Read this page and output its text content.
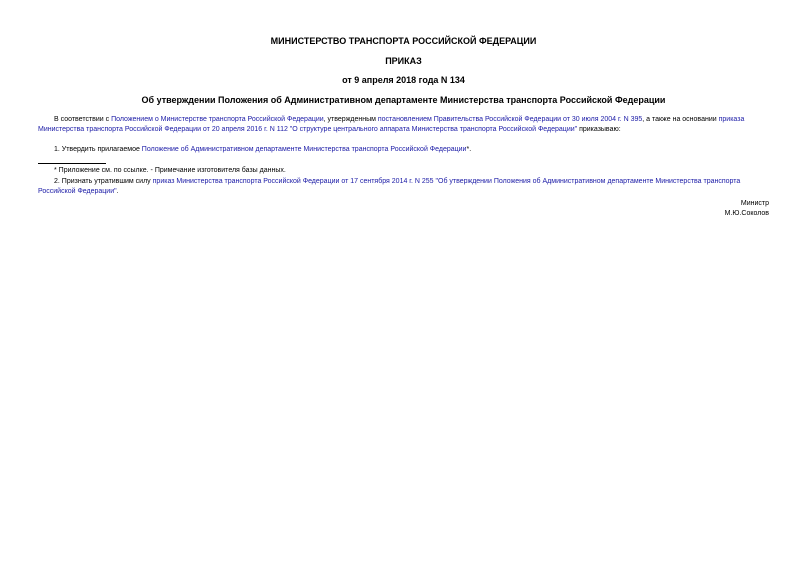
МИНИСТЕРСТВО ТРАНСПОРТА РОССИЙСКОЙ ФЕДЕРАЦИИ
ПРИКАЗ
от 9 апреля 2018 года N 134
Об утверждении Положения об Административном департаменте Министерства транспорта Российской Федерации
В соответствии с Положением о Министерстве транспорта Российской Федерации, утвержденным постановлением Правительства Российской Федерации от 30 июля 2004 г. N 395, а также на основании приказа Министерства транспорта Российской Федерации от 20 апреля 2016 г. N 112 "О структуре центрального аппарата Министерства транспорта Российской Федерации" приказываю:
1. Утвердить прилагаемое Положение об Административном департаменте Министерства транспорта Российской Федерации*.
* Приложение см. по ссылке. - Примечание изготовителя базы данных.
2. Признать утратившим силу приказ Министерства транспорта Российской Федерации от 17 сентября 2014 г. N 255 "Об утверждении Положения об Административном департаменте Министерства транспорта Российской Федерации".
Министр
М.Ю.Соколов
